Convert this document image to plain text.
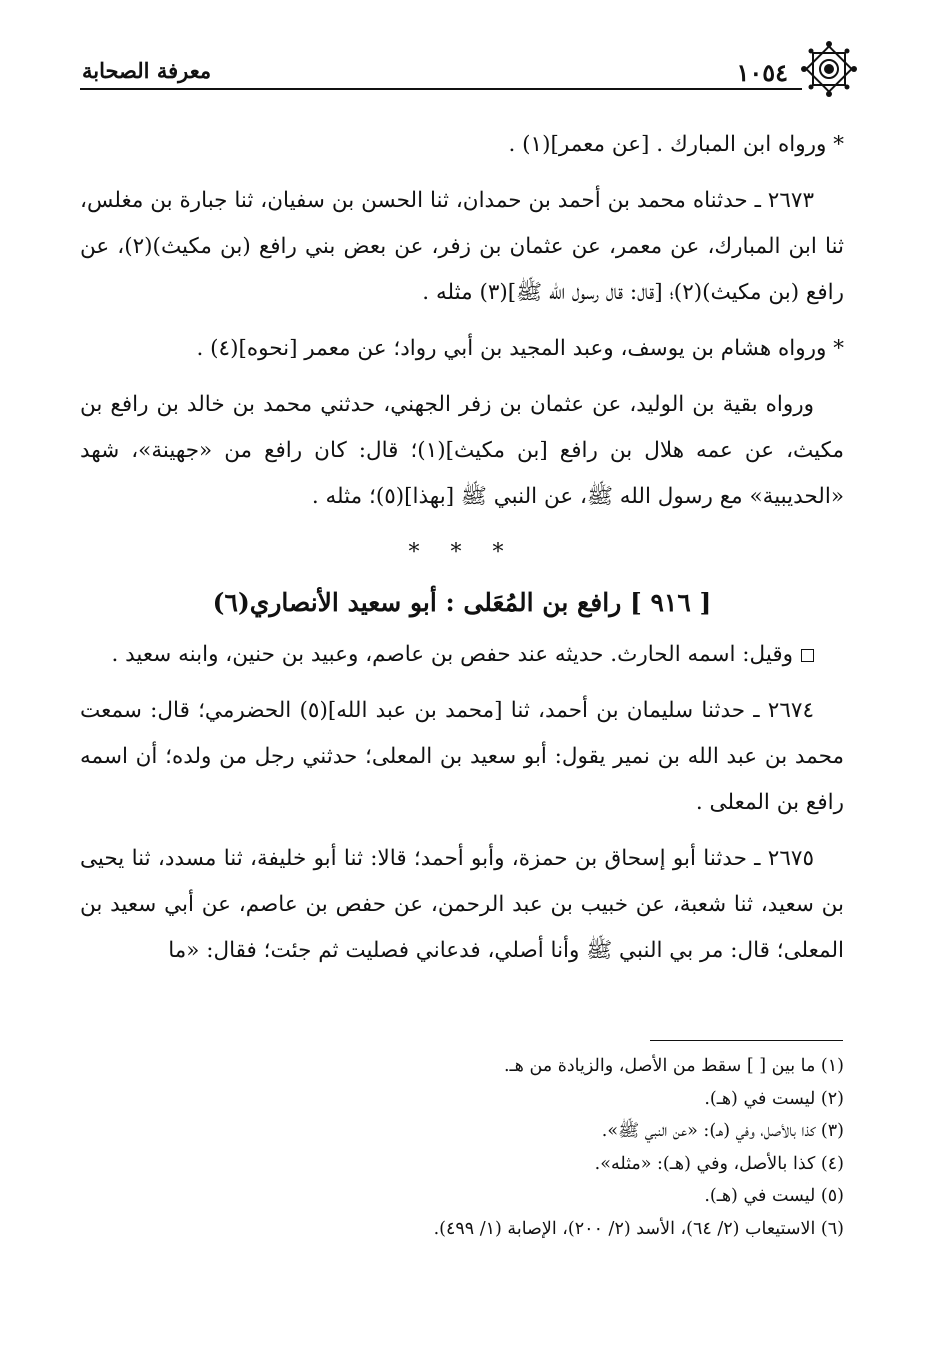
١٠٥٤
معرفة الصحابة

* ورواه ابن المبارك . [عن معمر](١) .

٢٦٧٣ ـ حدثناه محمد بن أحمد بن حمدان، ثنا الحسن بن سفيان، ثنا جبارة بن مغلس، ثنا ابن المبارك، عن معمر، عن عثمان بن زفر، عن بعض بني رافع (بن مكيث)(٢)، عن رافع (بن مكيث)(٢)؛ [قال: قال رسول الله ﷺ](٣) مثله .

* ورواه هشام بن يوسف، وعبد المجيد بن أبي رواد؛ عن معمر [نحوه](٤) .

ورواه بقية بن الوليد، عن عثمان بن زفر الجهني، حدثني محمد بن خالد بن رافع بن مكيث، عن عمه هلال بن رافع [بن مكيث](١)؛ قال: كان رافع من «جهينة»، شهد «الحديبية» مع رسول الله ﷺ، عن النبي ﷺ [بهذا](٥)؛ مثله .

* * *
[ ٩١٦ ] رافع بن المُعَلى : أبو سعيد الأنصاري(٦)

وقيل: اسمه الحارث. حديثه عند حفص بن عاصم، وعبيد بن حنين، وابنه سعيد .

٢٦٧٤ ـ حدثنا سليمان بن أحمد، ثنا [محمد بن عبد الله](٥) الحضرمي؛ قال: سمعت محمد بن عبد الله بن نمير يقول: أبو سعيد بن المعلى؛ حدثني رجل من ولده؛ أن اسمه رافع بن المعلى .

٢٦٧٥ ـ حدثنا أبو إسحاق بن حمزة، وأبو أحمد؛ قالا: ثنا أبو خليفة، ثنا مسدد، ثنا يحيى بن سعيد، ثنا شعبة، عن خبيب بن عبد الرحمن، عن حفص بن عاصم، عن أبي سعيد بن المعلى؛ قال: مر بي النبي ﷺ وأنا أصلي، فدعاني فصليت ثم جئت؛ فقال: «ما

(١) ما بين [ ] سقط من الأصل، والزيادة من هـ.
(٢) ليست في (هـ).
(٣) كذا بالأصل، وفي (هـ): «عن النبي ﷺ».
(٤) كذا بالأصل، وفي (هـ): «مثله».
(٥) ليست في (هـ).
(٦) الاستيعاب (٢/ ٦٤)، الأسد (٢/ ٢٠٠)، الإصابة (١/ ٤٩٩).
